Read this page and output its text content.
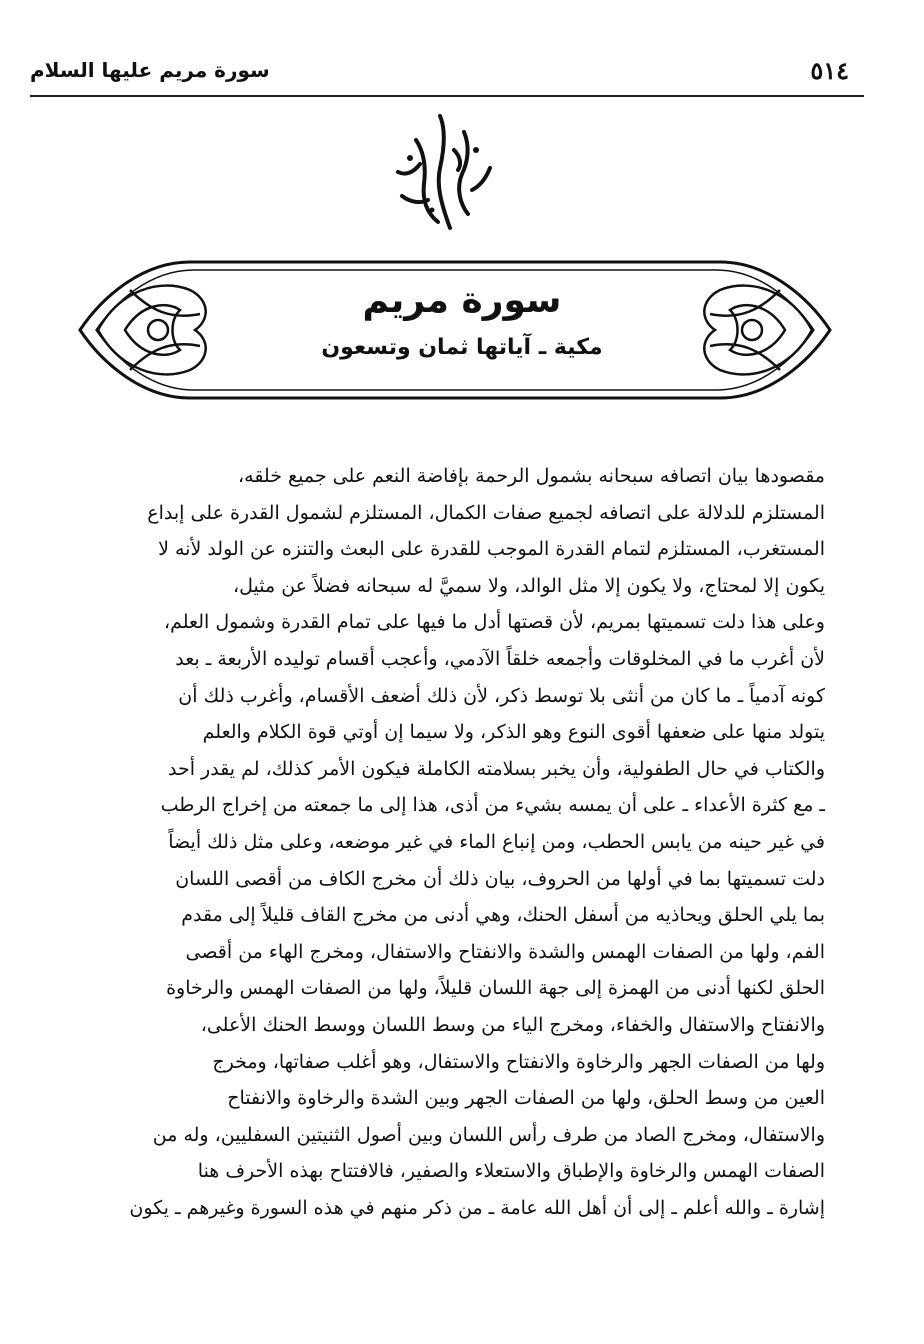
٥١٤
سورة مريم عليها السلام
سورة مريم
مكية ـ آياتها ثمان وتسعون
مقصودها بيان اتصافه سبحانه بشمول الرحمة بإفاضة النعم على جميع خلقه،
المستلزم للدلالة على اتصافه لجميع صفات الكمال، المستلزم لشمول القدرة على إبداع
المستغرب، المستلزم لتمام القدرة الموجب للقدرة على البعث والتنزه عن الولد لأنه لا
يكون إلا لمحتاج، ولا يكون إلا مثل الوالد، ولا سميَّ له سبحانه فضلاً عن مثيل،
وعلى هذا دلت تسميتها بمريم، لأن قصتها أدل ما فيها على تمام القدرة وشمول العلم،
لأن أغرب ما في المخلوقات وأجمعه خلقاً الآدمي، وأعجب أقسام توليده الأربعة ـ بعد
كونه آدمياً ـ ما كان من أنثى بلا توسط ذكر، لأن ذلك أضعف الأقسام، وأغرب ذلك أن
يتولد منها على ضعفها أقوى النوع وهو الذكر، ولا سيما إن أوتي قوة الكلام والعلم
والكتاب في حال الطفولية، وأن يخبر بسلامته الكاملة فيكون الأمر كذلك، لم يقدر أحد
ـ مع كثرة الأعداء ـ على أن يمسه بشيء من أذى، هذا إلى ما جمعته من إخراج الرطب
في غير حينه من يابس الحطب، ومن إنباع الماء في غير موضعه، وعلى مثل ذلك أيضاً
دلت تسميتها بما في أولها من الحروف، بيان ذلك أن مخرج الكاف من أقصى اللسان
بما يلي الحلق ويحاذيه من أسفل الحنك، وهي أدنى من مخرج القاف قليلاً إلى مقدم
الفم، ولها من الصفات الهمس والشدة والانفتاح والاستفال، ومخرج الهاء من أقصى
الحلق لكنها أدنى من الهمزة إلى جهة اللسان قليلاً، ولها من الصفات الهمس والرخاوة
والانفتاح والاستفال والخفاء، ومخرج الياء من وسط اللسان ووسط الحنك الأعلى،
ولها من الصفات الجهر والرخاوة والانفتاح والاستفال، وهو أغلب صفاتها، ومخرج
العين من وسط الحلق، ولها من الصفات الجهر وبين الشدة والرخاوة والانفتاح
والاستفال، ومخرج الصاد من طرف رأس اللسان وبين أصول الثنيتين السفليين، وله من
الصفات الهمس والرخاوة والإطباق والاستعلاء والصفير، فالافتتاح بهذه الأحرف هنا
إشارة ـ والله أعلم ـ إلى أن أهل الله عامة ـ من ذكر منهم في هذه السورة وغيرهم ـ يكون
